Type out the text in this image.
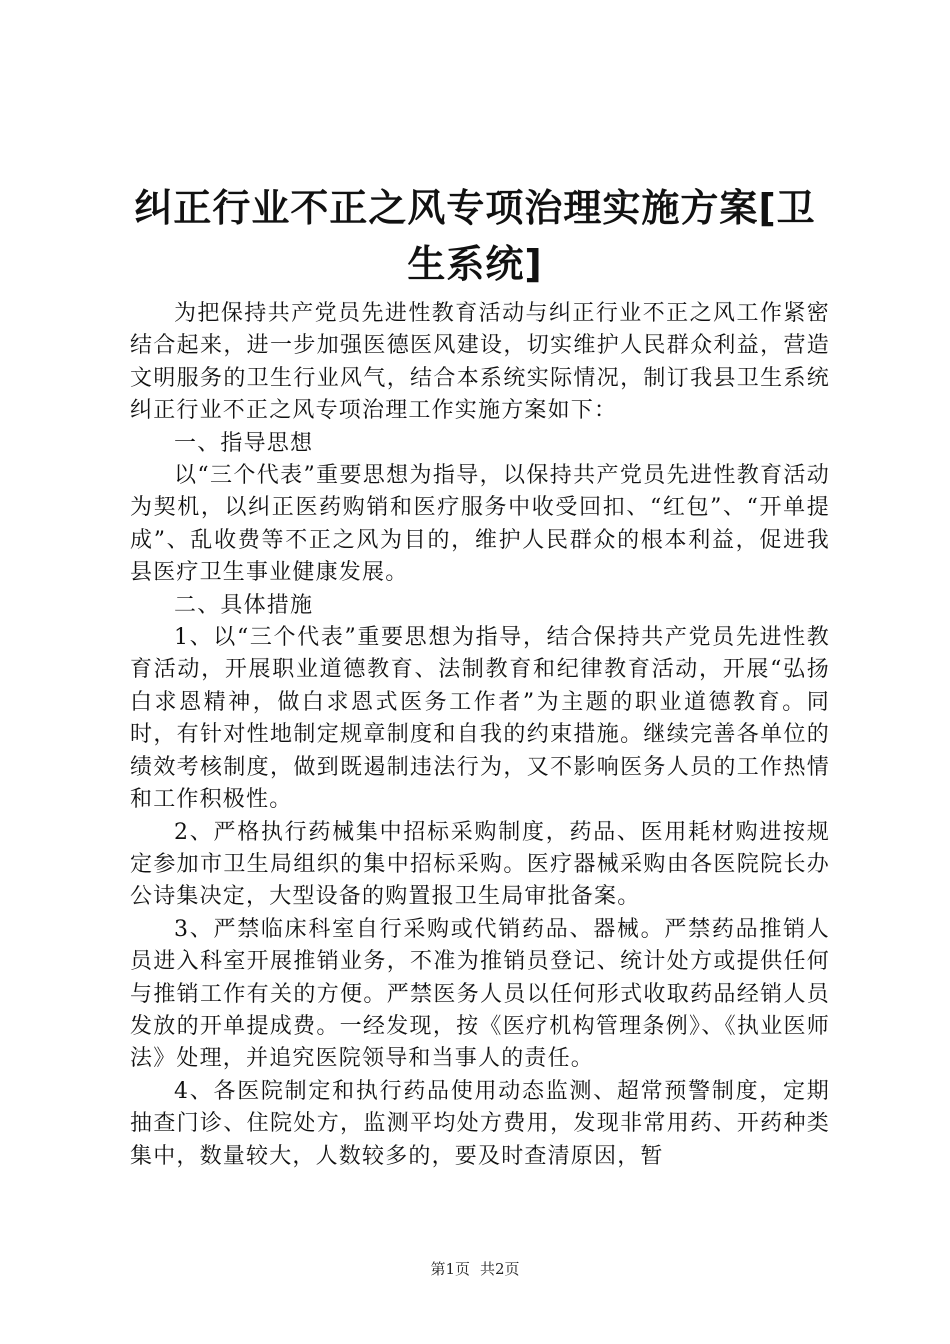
纠正行业不正之风专项治理实施方案[卫生系统]

为把保持共产党员先进性教育活动与纠正行业不正之风工作紧密结合起来，进一步加强医德医风建设，切实维护人民群众利益，营造文明服务的卫生行业风气，结合本系统实际情况，制订我县卫生系统纠正行业不正之风专项治理工作实施方案如下：

一、指导思想

以“三个代表”重要思想为指导，以保持共产党员先进性教育活动为契机，以纠正医药购销和医疗服务中收受回扣、“红包”、“开单提成”、乱收费等不正之风为目的，维护人民群众的根本利益，促进我县医疗卫生事业健康发展。

二、具体措施

1、以“三个代表”重要思想为指导，结合保持共产党员先进性教育活动，开展职业道德教育、法制教育和纪律教育活动，开展“弘扬白求恩精神，做白求恩式医务工作者”为主题的职业道德教育。同时，有针对性地制定规章制度和自我的约束措施。继续完善各单位的绩效考核制度，做到既遏制违法行为，又不影响医务人员的工作热情和工作积极性。

2、严格执行药械集中招标采购制度，药品、医用耗材购进按规定参加市卫生局组织的集中招标采购。医疗器械采购由各医院院长办公诗集决定，大型设备的购置报卫生局审批备案。

3、严禁临床科室自行采购或代销药品、器械。严禁药品推销人员进入科室开展推销业务，不准为推销员登记、统计处方或提供任何与推销工作有关的方便。严禁医务人员以任何形式收取药品经销人员发放的开单提成费。一经发现，按《医疗机构管理条例》、《执业医师法》处理，并追究医院领导和当事人的责任。

4、各医院制定和执行药品使用动态监测、超常预警制度，定期抽查门诊、住院处方，监测平均处方费用，发现非常用药、开药种类集中，数量较大，人数较多的，要及时查清原因，暂

第1页 共2页
